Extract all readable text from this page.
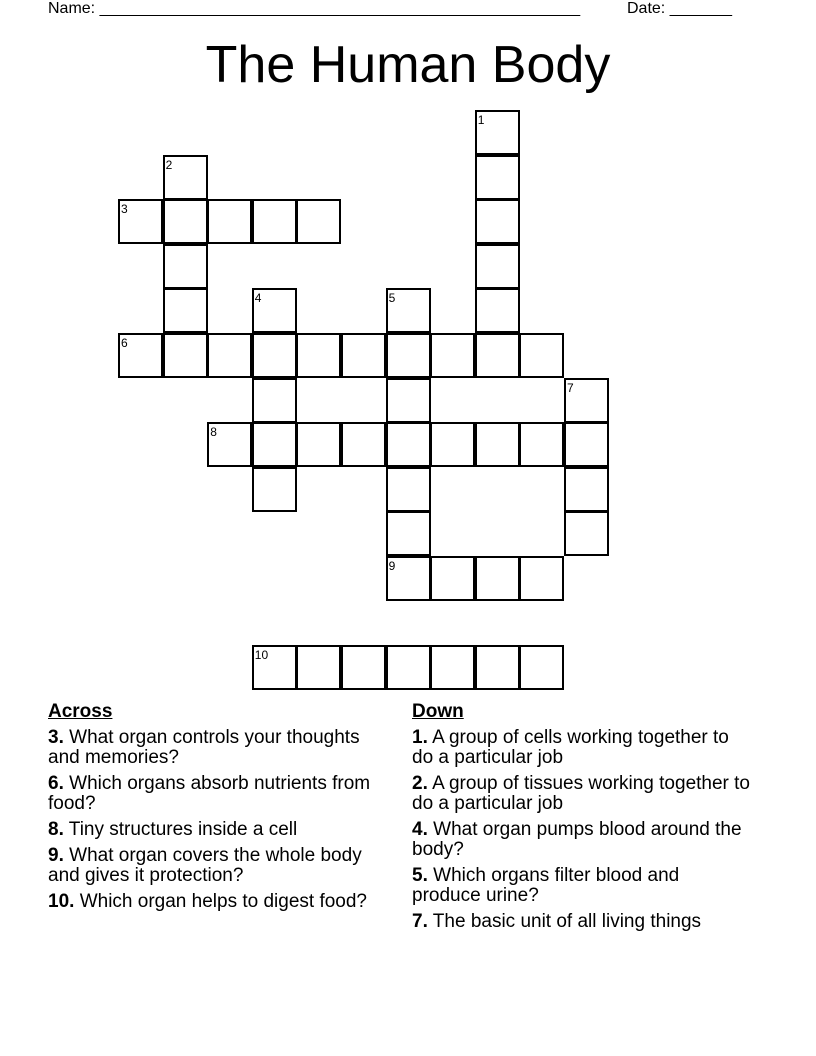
Name: ______________________________________________________	Date: _______
The Human Body
1
2
3
4	5
6
7
8
9
10
Across
3. What organ controls your thoughts and memories?
6. Which organs absorb nutrients from food?
8. Tiny structures inside a cell
9. What organ covers the whole body and gives it protection?
10. Which organ helps to digest food?
Down
1. A group of cells working together to do a particular job
2. A group of tissues working together to do a particular job
4. What organ pumps blood around the body?
5. Which organs filter blood and produce urine?
7. The basic unit of all living things
